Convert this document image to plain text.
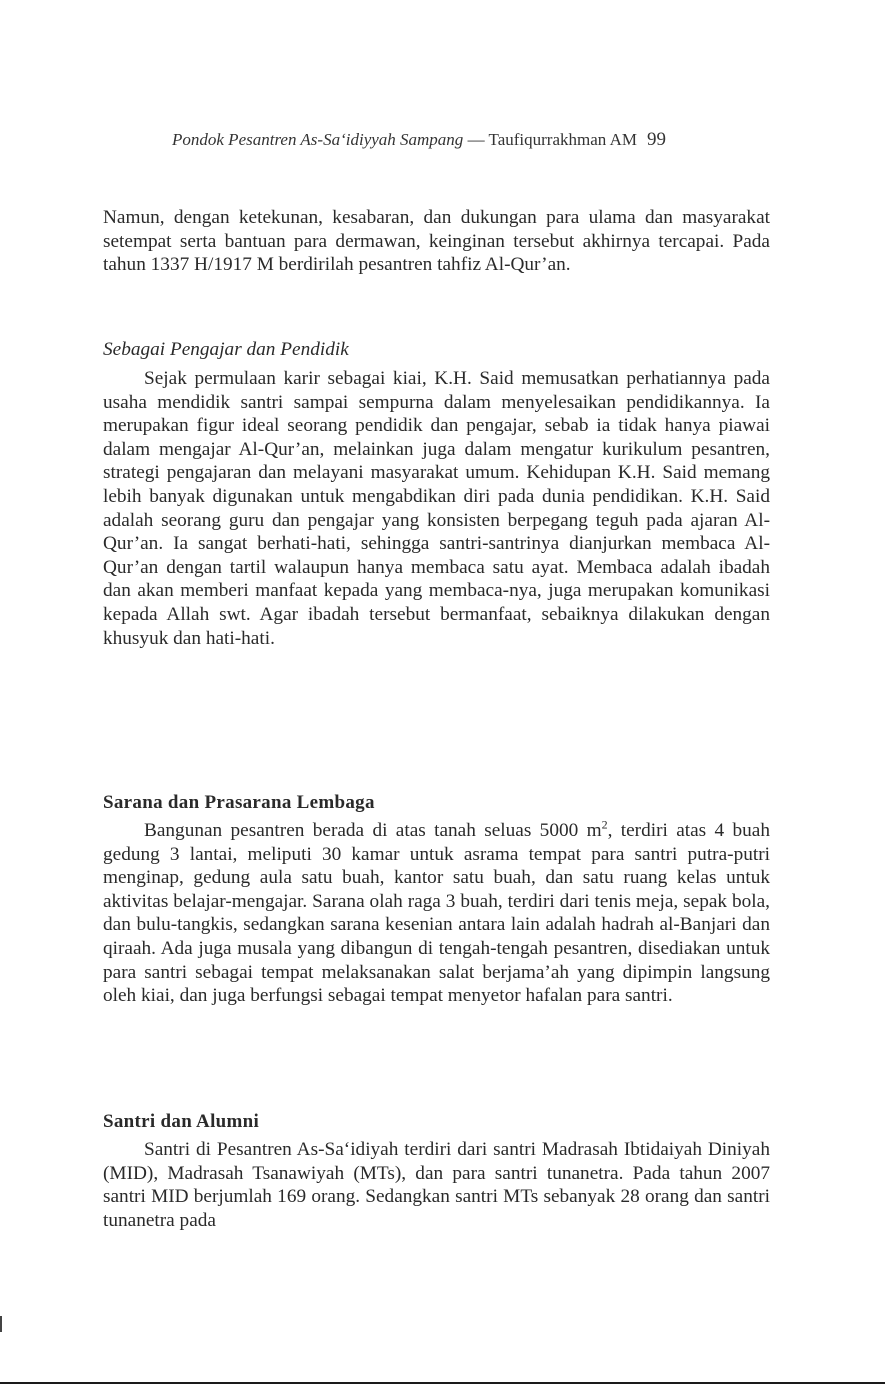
Pondok Pesantren As-Sa‘idiyyah Sampang — Taufiqurrakhman AM 99

Namun, dengan ketekunan, kesabaran, dan dukungan para ulama dan masyarakat setempat serta bantuan para dermawan, keinginan tersebut akhirnya tercapai. Pada tahun 1337 H/1917 M berdirilah pesantren tahfiz Al-Qur’an.

Sebagai Pengajar dan Pendidik

Sejak permulaan karir sebagai kiai, K.H. Said memusatkan perhatiannya pada usaha mendidik santri sampai sempurna dalam menyelesaikan pendidikannya. Ia merupakan figur ideal seorang pendidik dan pengajar, sebab ia tidak hanya piawai dalam mengajar Al-Qur’an, melainkan juga dalam mengatur kurikulum pesantren, strategi pengajaran dan melayani masyarakat umum. Kehidupan K.H. Said memang lebih banyak digunakan untuk mengabdikan diri pada dunia pendidikan. K.H. Said adalah seorang guru dan pengajar yang konsisten berpegang teguh pada ajaran Al-Qur’an. Ia sangat berhati-hati, sehingga santri-santrinya dianjurkan membaca Al-Qur’an dengan tartil walaupun hanya membaca satu ayat. Membaca adalah ibadah dan akan memberi manfaat kepada yang membaca-nya, juga merupakan komunikasi kepada Allah swt. Agar ibadah tersebut bermanfaat, sebaiknya dilakukan dengan khusyuk dan hati-hati.

Sarana dan Prasarana Lembaga

Bangunan pesantren berada di atas tanah seluas 5000 $m^2$, terdiri atas 4 buah gedung 3 lantai, meliputi 30 kamar untuk asrama tempat para santri putra-putri menginap, gedung aula satu buah, kantor satu buah, dan satu ruang kelas untuk aktivitas belajar-mengajar. Sarana olah raga 3 buah, terdiri dari tenis meja, sepak bola, dan bulu-tangkis, sedangkan sarana kesenian antara lain adalah hadrah al-Banjari dan qiraah. Ada juga musala yang dibangun di tengah-tengah pesantren, disediakan untuk para santri sebagai tempat melaksanakan salat berjama’ah yang dipimpin langsung oleh kiai, dan juga berfungsi sebagai tempat menyetor hafalan para santri.

Santri dan Alumni

Santri di Pesantren As-Sa‘idiyah terdiri dari santri Madrasah Ibtidaiyah Diniyah (MID), Madrasah Tsanawiyah (MTs), dan para santri tunanetra. Pada tahun 2007 santri MID berjumlah 169 orang. Sedangkan santri MTs sebanyak 28 orang dan santri tunanetra pada
